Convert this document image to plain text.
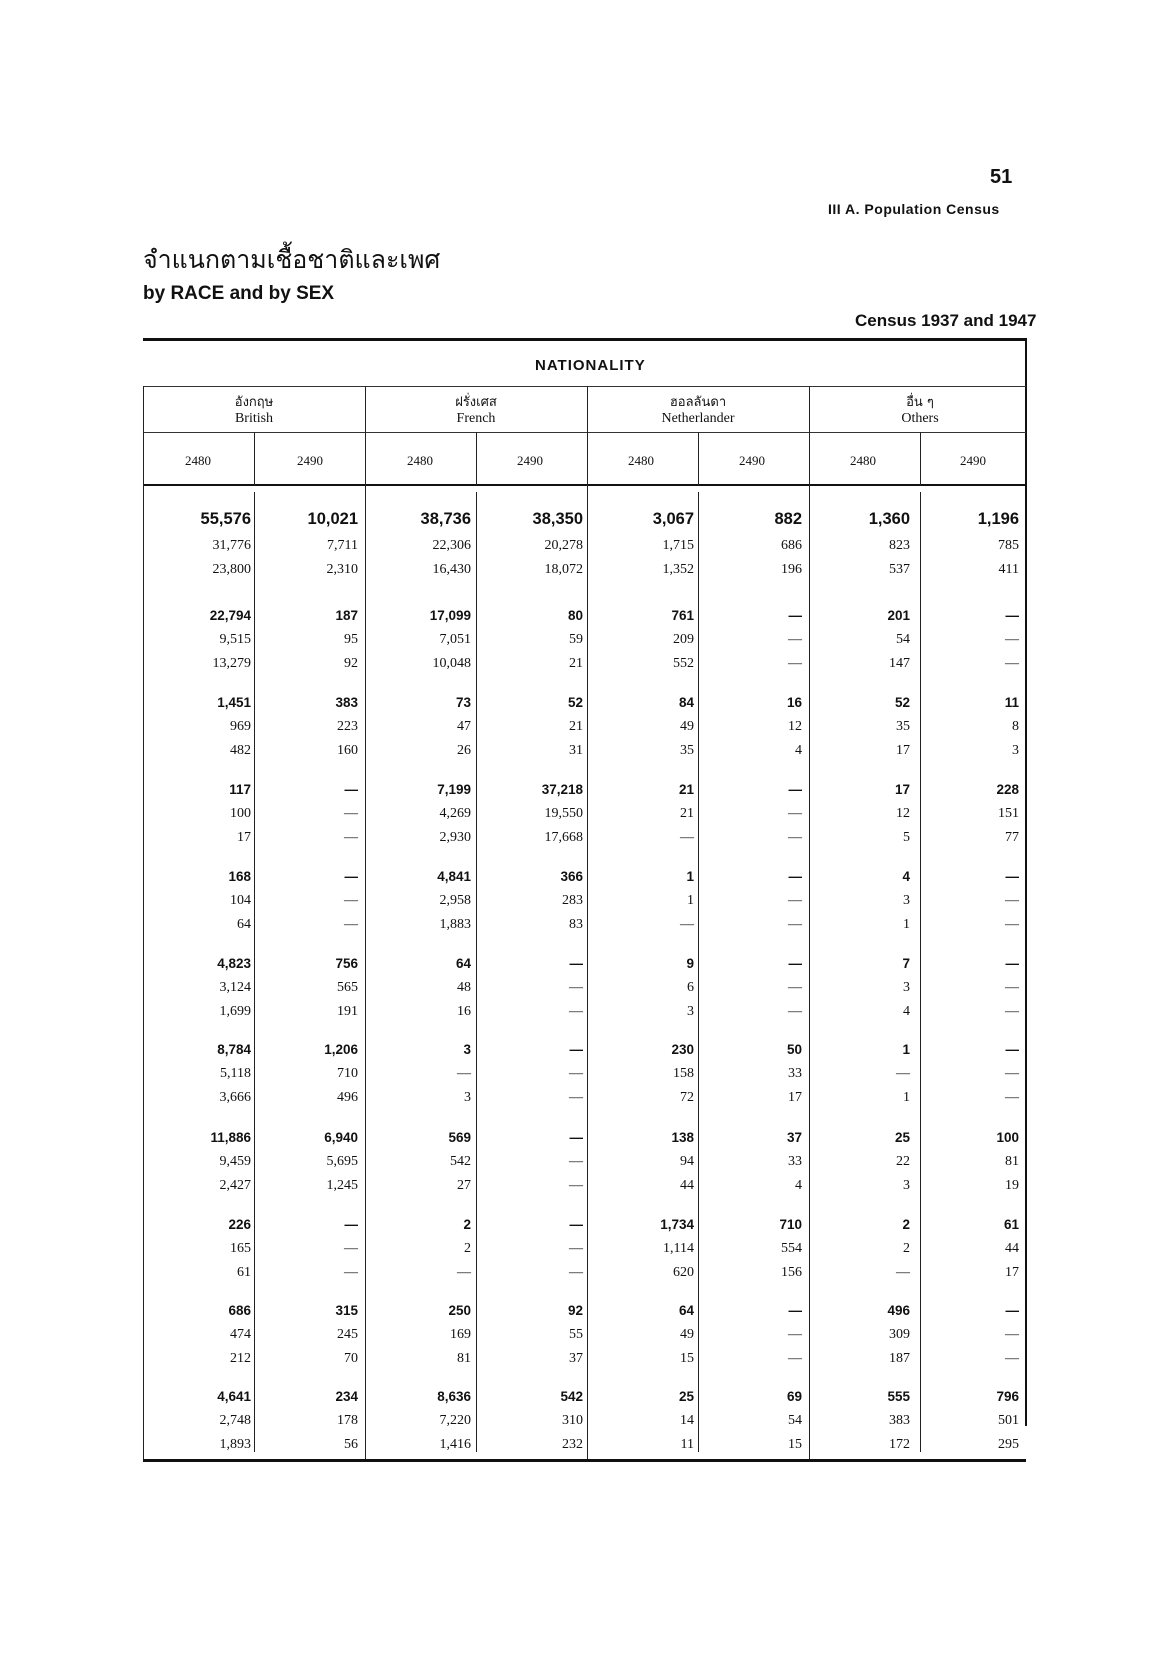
51
III A. Population Census
จำแนกตามเชื้อชาติและเพศ
by RACE and by SEX
Census 1937 and 1947
NATIONALITY
อังกฤษ
British
ฝรั่งเศส
French
ฮอลลันดา
Netherlander
อื่น ๆ
Others
2480	2490	2480	2490	2480	2490	2480	2490
55,576	10,021	38,736	38,350	3,067	882	1,360	1,196
31,776	7,711	22,306	20,278	1,715	686	823	785
23,800	2,310	16,430	18,072	1,352	196	537	411
22,794	187	17,099	80	761	—	201	—
9,515	95	7,051	59	209	—	54	—
13,279	92	10,048	21	552	—	147	—
1,451	383	73	52	84	16	52	11
969	223	47	21	49	12	35	8
482	160	26	31	35	4	17	3
117	—	7,199	37,218	21	—	17	228
100	—	4,269	19,550	21	—	12	151
17	—	2,930	17,668	—	—	5	77
168	—	4,841	366	1	—	4	—
104	—	2,958	283	1	—	3	—
64	—	1,883	83	—	—	1	—
4,823	756	64	—	9	—	7	—
3,124	565	48	—	6	—	3	—
1,699	191	16	—	3	—	4	—
8,784	1,206	3	—	230	50	1	—
5,118	710	—	—	158	33	—	—
3,666	496	3	—	72	17	1	—
11,886	6,940	569	—	138	37	25	100
9,459	5,695	542	—	94	33	22	81
2,427	1,245	27	—	44	4	3	19
226	—	2	—	1,734	710	2	61
165	—	2	—	1,114	554	2	44
61	—	—	—	620	156	—	17
686	315	250	92	64	—	496	—
474	245	169	55	49	—	309	—
212	70	81	37	15	—	187	—
4,641	234	8,636	542	25	69	555	796
2,748	178	7,220	310	14	54	383	501
1,893	56	1,416	232	11	15	172	295
